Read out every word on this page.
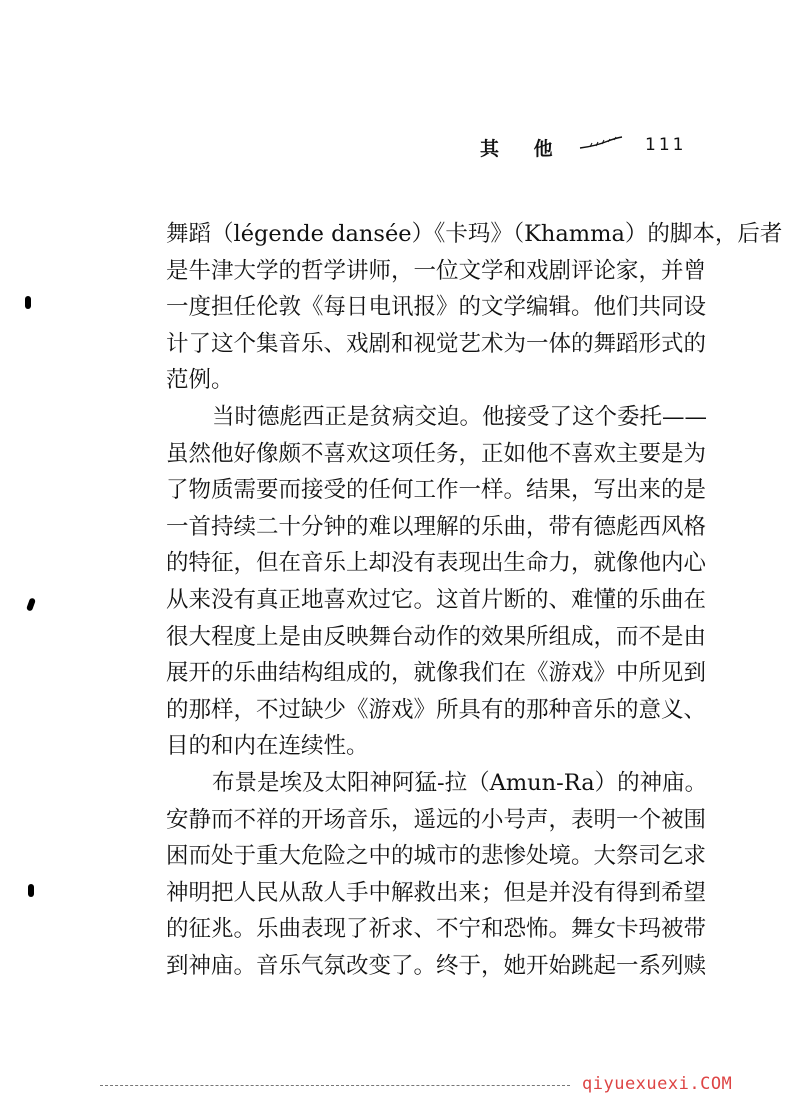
其 他	111
舞蹈（légende dansée）《卡玛》（Khamma）的脚本，后者
是牛津大学的哲学讲师，一位文学和戏剧评论家，并曾
一度担任伦敦《每日电讯报》的文学编辑。他们共同设
计了这个集音乐、戏剧和视觉艺术为一体的舞蹈形式的
范例。
当时德彪西正是贫病交迫。他接受了这个委托——
虽然他好像颇不喜欢这项任务，正如他不喜欢主要是为
了物质需要而接受的任何工作一样。结果，写出来的是
一首持续二十分钟的难以理解的乐曲，带有德彪西风格
的特征，但在音乐上却没有表现出生命力，就像他内心
从来没有真正地喜欢过它。这首片断的、难懂的乐曲在
很大程度上是由反映舞台动作的效果所组成，而不是由
展开的乐曲结构组成的，就像我们在《游戏》中所见到
的那样，不过缺少《游戏》所具有的那种音乐的意义、
目的和内在连续性。
布景是埃及太阳神阿猛-拉（Amun-Ra）的神庙。
安静而不祥的开场音乐，遥远的小号声，表明一个被围
困而处于重大危险之中的城市的悲惨处境。大祭司乞求
神明把人民从敌人手中解救出来；但是并没有得到希望
的征兆。乐曲表现了祈求、不宁和恐怖。舞女卡玛被带
到神庙。音乐气氛改变了。终于，她开始跳起一系列赎
qiyuexuexi.COM
